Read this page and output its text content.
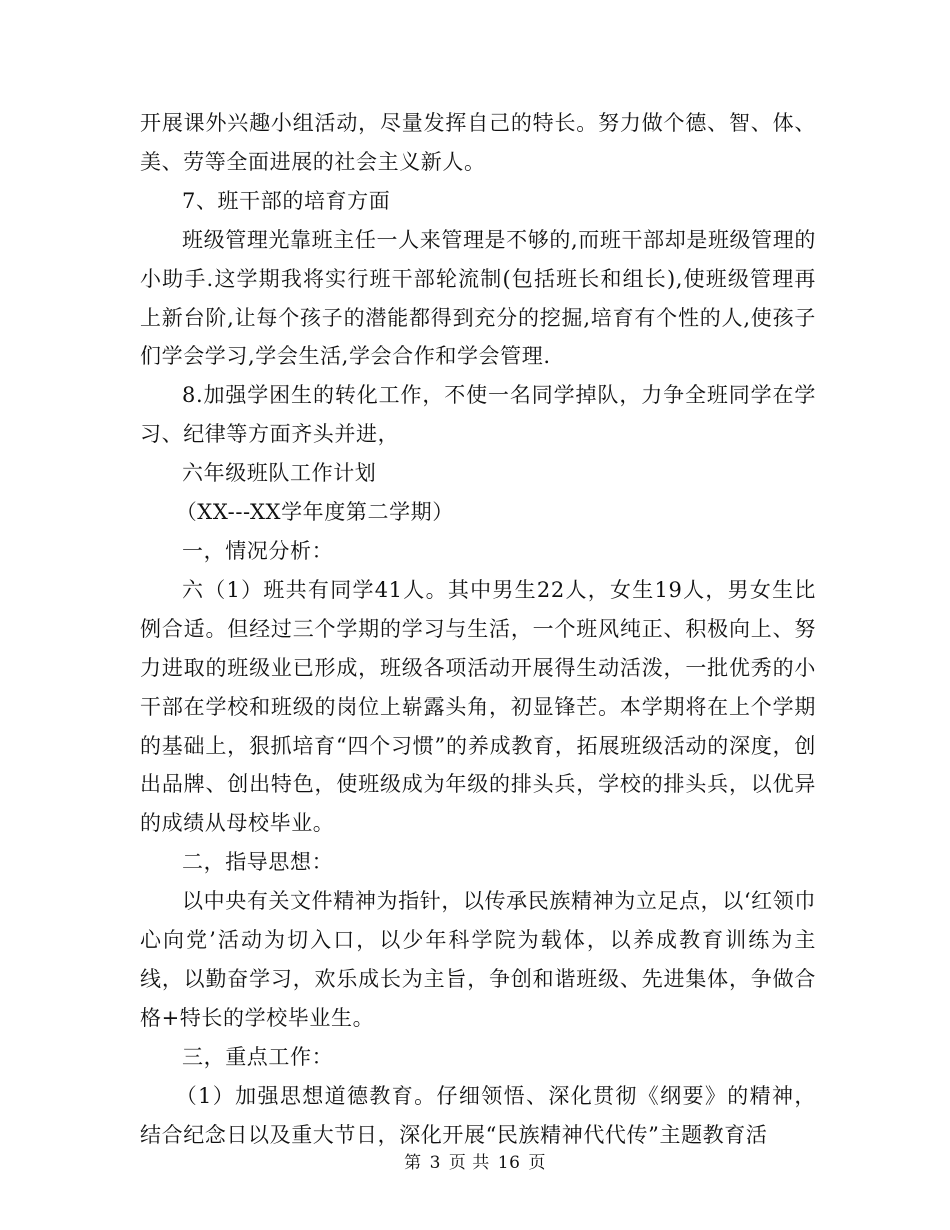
开展课外兴趣小组活动，尽量发挥自己的特长。努力做个德、智、体、美、劳等全面进展的社会主义新人。

7、班干部的培育方面

班级管理光靠班主任一人来管理是不够的,而班干部却是班级管理的小助手.这学期我将实行班干部轮流制(包括班长和组长),使班级管理再上新台阶,让每个孩子的潜能都得到充分的挖掘,培育有个性的人,使孩子们学会学习,学会生活,学会合作和学会管理.

8.加强学困生的转化工作，不使一名同学掉队，力争全班同学在学习、纪律等方面齐头并进，

六年级班队工作计划

（XX---XX学年度第二学期）

一，情况分析：

六（1）班共有同学41人。其中男生22人，女生19人，男女生比例合适。但经过三个学期的学习与生活，一个班风纯正、积极向上、努力进取的班级业已形成，班级各项活动开展得生动活泼，一批优秀的小干部在学校和班级的岗位上崭露头角，初显锋芒。本学期将在上个学期的基础上，狠抓培育“四个习惯”的养成教育，拓展班级活动的深度，创出品牌、创出特色，使班级成为年级的排头兵，学校的排头兵，以优异的成绩从母校毕业。

二，指导思想：

以中央有关文件精神为指针，以传承民族精神为立足点，以‘红领巾心向党’活动为切入口，以少年科学院为载体，以养成教育训练为主线，以勤奋学习，欢乐成长为主旨，争创和谐班级、先进集体，争做合格+特长的学校毕业生。

三，重点工作：

（1）加强思想道德教育。仔细领悟、深化贯彻《纲要》的精神，结合纪念日以及重大节日，深化开展“民族精神代代传”主题教育活

第 3 页 共 16 页
